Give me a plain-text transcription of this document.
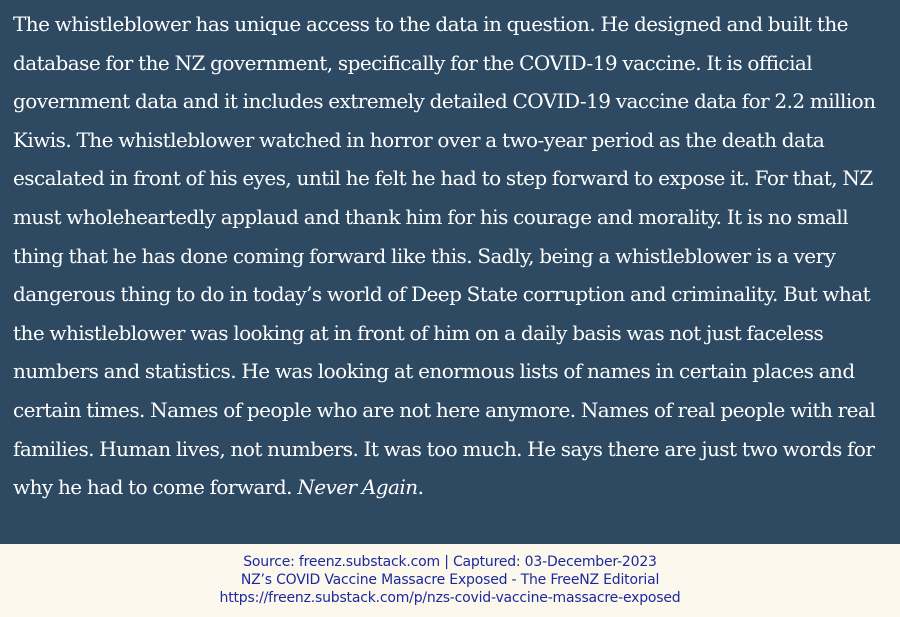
The whistleblower has unique access to the data in question. He designed and built the database for the NZ government, specifically for the COVID-19 vaccine. It is official government data and it includes extremely detailed COVID-19 vaccine data for 2.2 million Kiwis. The whistleblower watched in horror over a two-year period as the death data escalated in front of his eyes, until he felt he had to step forward to expose it. For that, NZ must wholeheartedly applaud and thank him for his courage and morality. It is no small thing that he has done coming forward like this. Sadly, being a whistleblower is a very dangerous thing to do in today’s world of Deep State corruption and criminality. But what the whistleblower was looking at in front of him on a daily basis was not just faceless numbers and statistics. He was looking at enormous lists of names in certain places and certain times. Names of people who are not here anymore. Names of real people with real families. Human lives, not numbers. It was too much. He says there are just two words for why he had to come forward. Never Again.

Source: freenz.substack.com | Captured: 03-December-2023
NZ’s COVID Vaccine Massacre Exposed - The FreeNZ Editorial
https://freenz.substack.com/p/nzs-covid-vaccine-massacre-exposed
